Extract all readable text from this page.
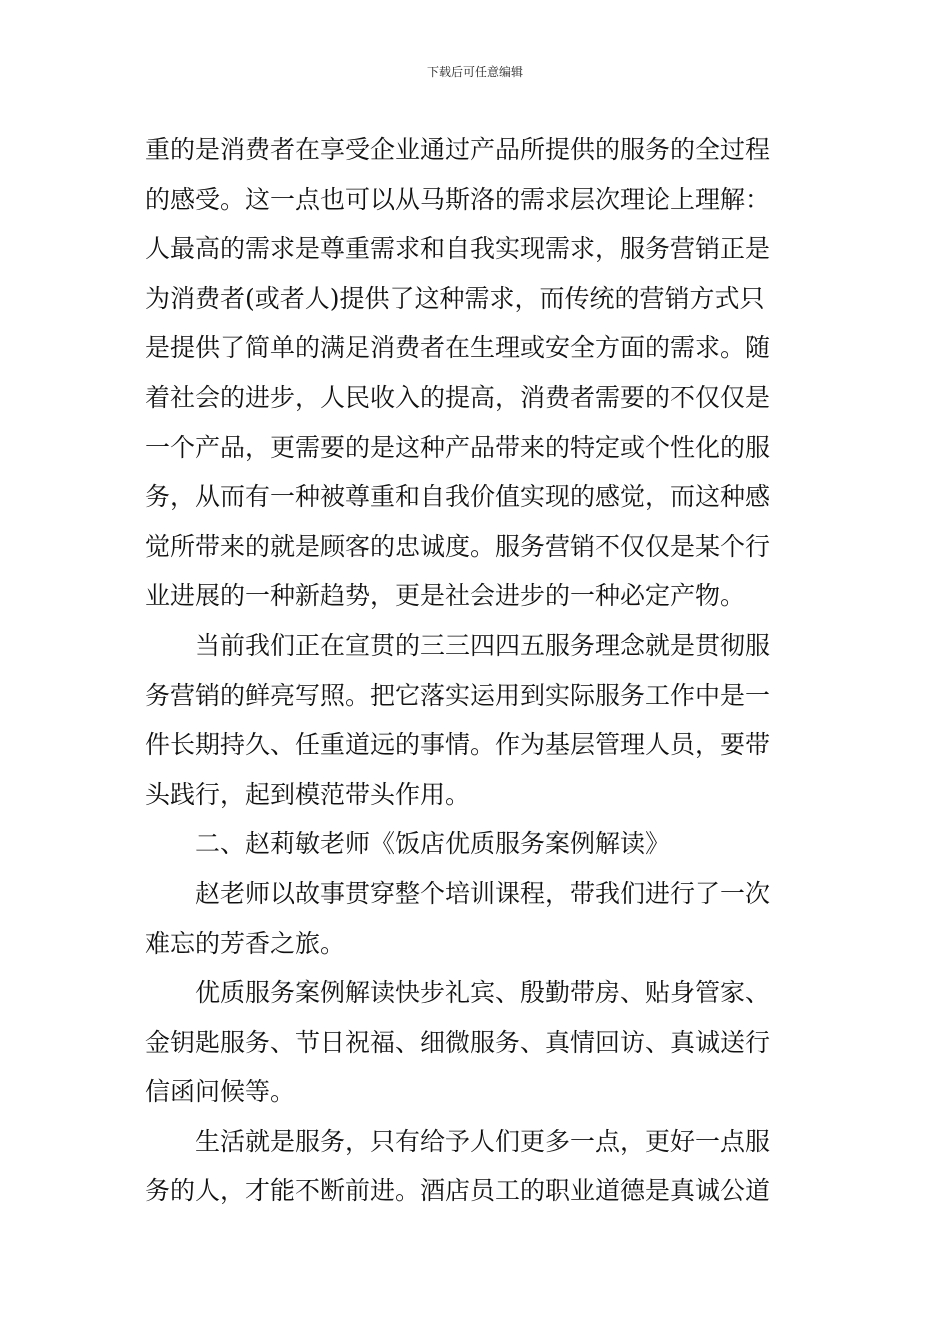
下载后可任意编辑
重的是消费者在享受企业通过产品所提供的服务的全过程
的感受。这一点也可以从马斯洛的需求层次理论上理解：
人最高的需求是尊重需求和自我实现需求，服务营销正是
为消费者(或者人)提供了这种需求，而传统的营销方式只
是提供了简单的满足消费者在生理或安全方面的需求。随
着社会的进步，人民收入的提高，消费者需要的不仅仅是
一个产品，更需要的是这种产品带来的特定或个性化的服
务，从而有一种被尊重和自我价值实现的感觉，而这种感
觉所带来的就是顾客的忠诚度。服务营销不仅仅是某个行
业进展的一种新趋势，更是社会进步的一种必定产物。
当前我们正在宣贯的三三四四五服务理念就是贯彻服
务营销的鲜亮写照。把它落实运用到实际服务工作中是一
件长期持久、任重道远的事情。作为基层管理人员，要带
头践行，起到模范带头作用。
二、赵莉敏老师《饭店优质服务案例解读》
赵老师以故事贯穿整个培训课程，带我们进行了一次
难忘的芳香之旅。
优质服务案例解读快步礼宾、殷勤带房、贴身管家、
金钥匙服务、节日祝福、细微服务、真情回访、真诚送行
信函问候等。
生活就是服务，只有给予人们更多一点，更好一点服
务的人，才能不断前进。酒店员工的职业道德是真诚公道
